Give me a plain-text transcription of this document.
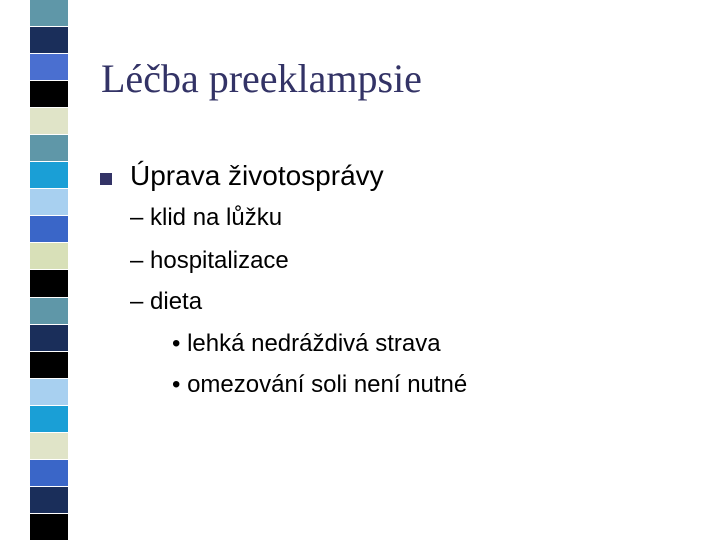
Léčba preeklampsie
Úprava životosprávy
– klid na lůžku
– hospitalizace
– dieta
• lehká nedráždivá strava
• omezování soli není nutné
